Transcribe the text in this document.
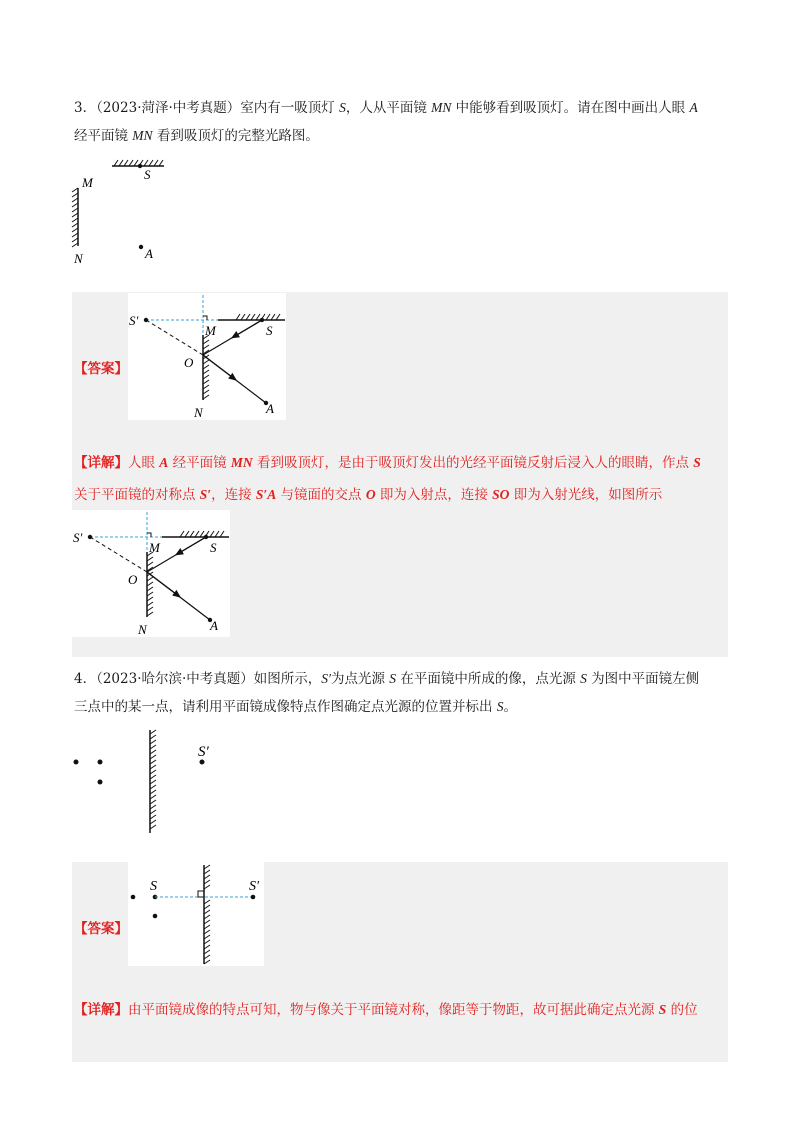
3．（2023·菏泽·中考真题）室内有一吸顶灯 S，人从平面镜 MN 中能够看到吸顶灯。请在图中画出人眼 A
经平面镜 MN 看到吸顶灯的完整光路图。
S
M
N	A
【答案】
S′
M
O
N
S
A
【详解】人眼 A 经平面镜 MN 看到吸顶灯，是由于吸顶灯发出的光经平面镜反射后浸入人的眼睛，作点 S
关于平面镜的对称点 S′，连接 S′A 与镜面的交点 O 即为入射点，连接 SO 即为入射光线，如图所示
S′
M
O
N
S
A
4．（2023·哈尔滨·中考真题）如图所示，S′为点光源 S 在平面镜中所成的像，点光源 S 为图中平面镜左侧
三点中的某一点，请利用平面镜成像特点作图确定点光源的位置并标出 S。
S′
【答案】
S	S′
【详解】由平面镜成像的特点可知，物与像关于平面镜对称，像距等于物距，故可据此确定点光源 S 的位
